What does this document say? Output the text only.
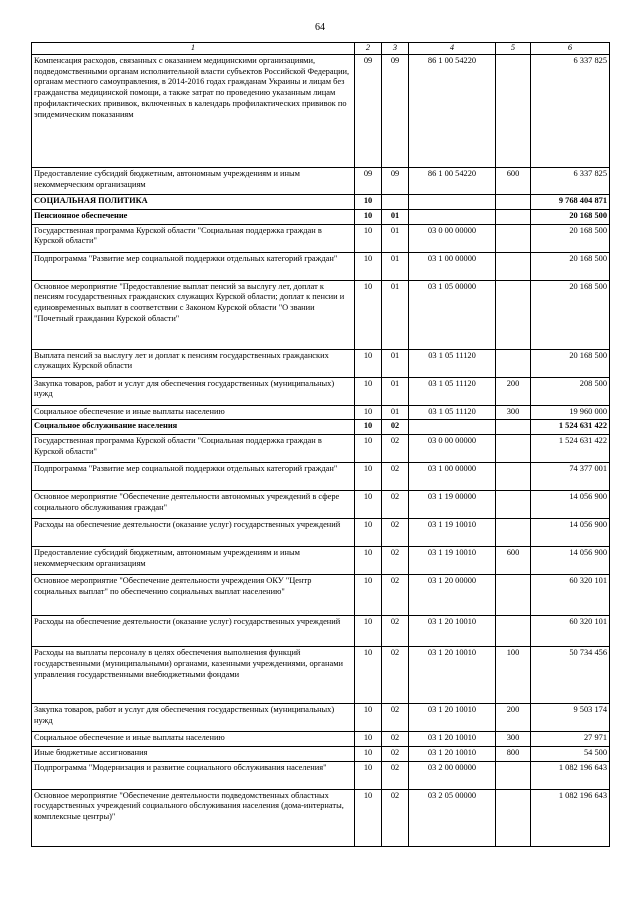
64
1	2	3	4	5	6
Компенсация расходов, связанных с оказанием медицинскими организациями, подведомственными органам исполнительной власти субъектов Российской Федерации, органам местного самоуправления, в 2014-2016 годах гражданам Украины и лицам без гражданства медицинской помощи, а также затрат по проведению указанным лицам профилактических прививок, включенных в календарь профилактических прививок по эпидемическим показаниям	09	09	86 1 00 54220		6 337 825
Предоставление субсидий бюджетным, автономным учреждениям и иным некоммерческим организациям	09	09	86 1 00 54220	600	6 337 825
СОЦИАЛЬНАЯ ПОЛИТИКА	10				9 768 404 871
Пенсионное обеспечение	10	01			20 168 500
Государственная программа Курской области "Социальная поддержка граждан в Курской области"	10	01	03 0 00 00000		20 168 500
Подпрограмма "Развитие мер социальной поддержки отдельных категорий граждан"	10	01	03 1 00 00000		20 168 500
Основное мероприятие "Предоставление выплат пенсий за выслугу лет, доплат к пенсиям государственных гражданских служащих Курской области; доплат к пенсии и единовременных выплат в соответствии с Законом Курской области "О звании "Почетный гражданин Курской области"	10	01	03 1 05 00000		20 168 500
Выплата пенсий за выслугу лет и доплат к пенсиям государственных гражданских служащих Курской области	10	01	03 1 05 11120		20 168 500
Закупка товаров, работ и услуг для обеспечения государственных (муниципальных) нужд	10	01	03 1 05 11120	200	208 500
Социальное обеспечение и иные выплаты населению	10	01	03 1 05 11120	300	19 960 000
Социальное обслуживание населения	10	02			1 524 631 422
Государственная программа Курской области "Социальная поддержка граждан в Курской области"	10	02	03 0 00 00000		1 524 631 422
Подпрограмма "Развитие мер социальной поддержки отдельных категорий граждан"	10	02	03 1 00 00000		74 377 001
Основное мероприятие "Обеспечение деятельности автономных учреждений в сфере социального обслуживания граждан"	10	02	03 1 19 00000		14 056 900
Расходы на обеспечение деятельности (оказание услуг) государственных учреждений	10	02	03 1 19 10010		14 056 900
Предоставление субсидий бюджетным, автономным учреждениям и иным некоммерческим организациям	10	02	03 1 19 10010	600	14 056 900
Основное мероприятие "Обеспечение деятельности учреждения ОКУ "Центр социальных выплат" по обеспечению социальных выплат населению"	10	02	03 1 20 00000		60 320 101
Расходы на обеспечение деятельности (оказание услуг) государственных учреждений	10	02	03 1 20 10010		60 320 101
Расходы на выплаты персоналу в целях обеспечения выполнения функций государственными (муниципальными) органами, казенными учреждениями, органами управления государственными внебюджетными фондами	10	02	03 1 20 10010	100	50 734 456
Закупка товаров, работ и услуг для обеспечения государственных (муниципальных) нужд	10	02	03 1 20 10010	200	9 503 174
Социальное обеспечение и иные выплаты населению	10	02	03 1 20 10010	300	27 971
Иные бюджетные ассигнования	10	02	03 1 20 10010	800	54 500
Подпрограмма "Модернизация и развитие социального обслуживания населения"	10	02	03 2 00 00000		1 082 196 643
Основное мероприятие "Обеспечение деятельности подведомственных областных государственных учреждений социального обслуживания населения (дома-интернаты, комплексные центры)"	10	02	03 2 05 00000		1 082 196 643
